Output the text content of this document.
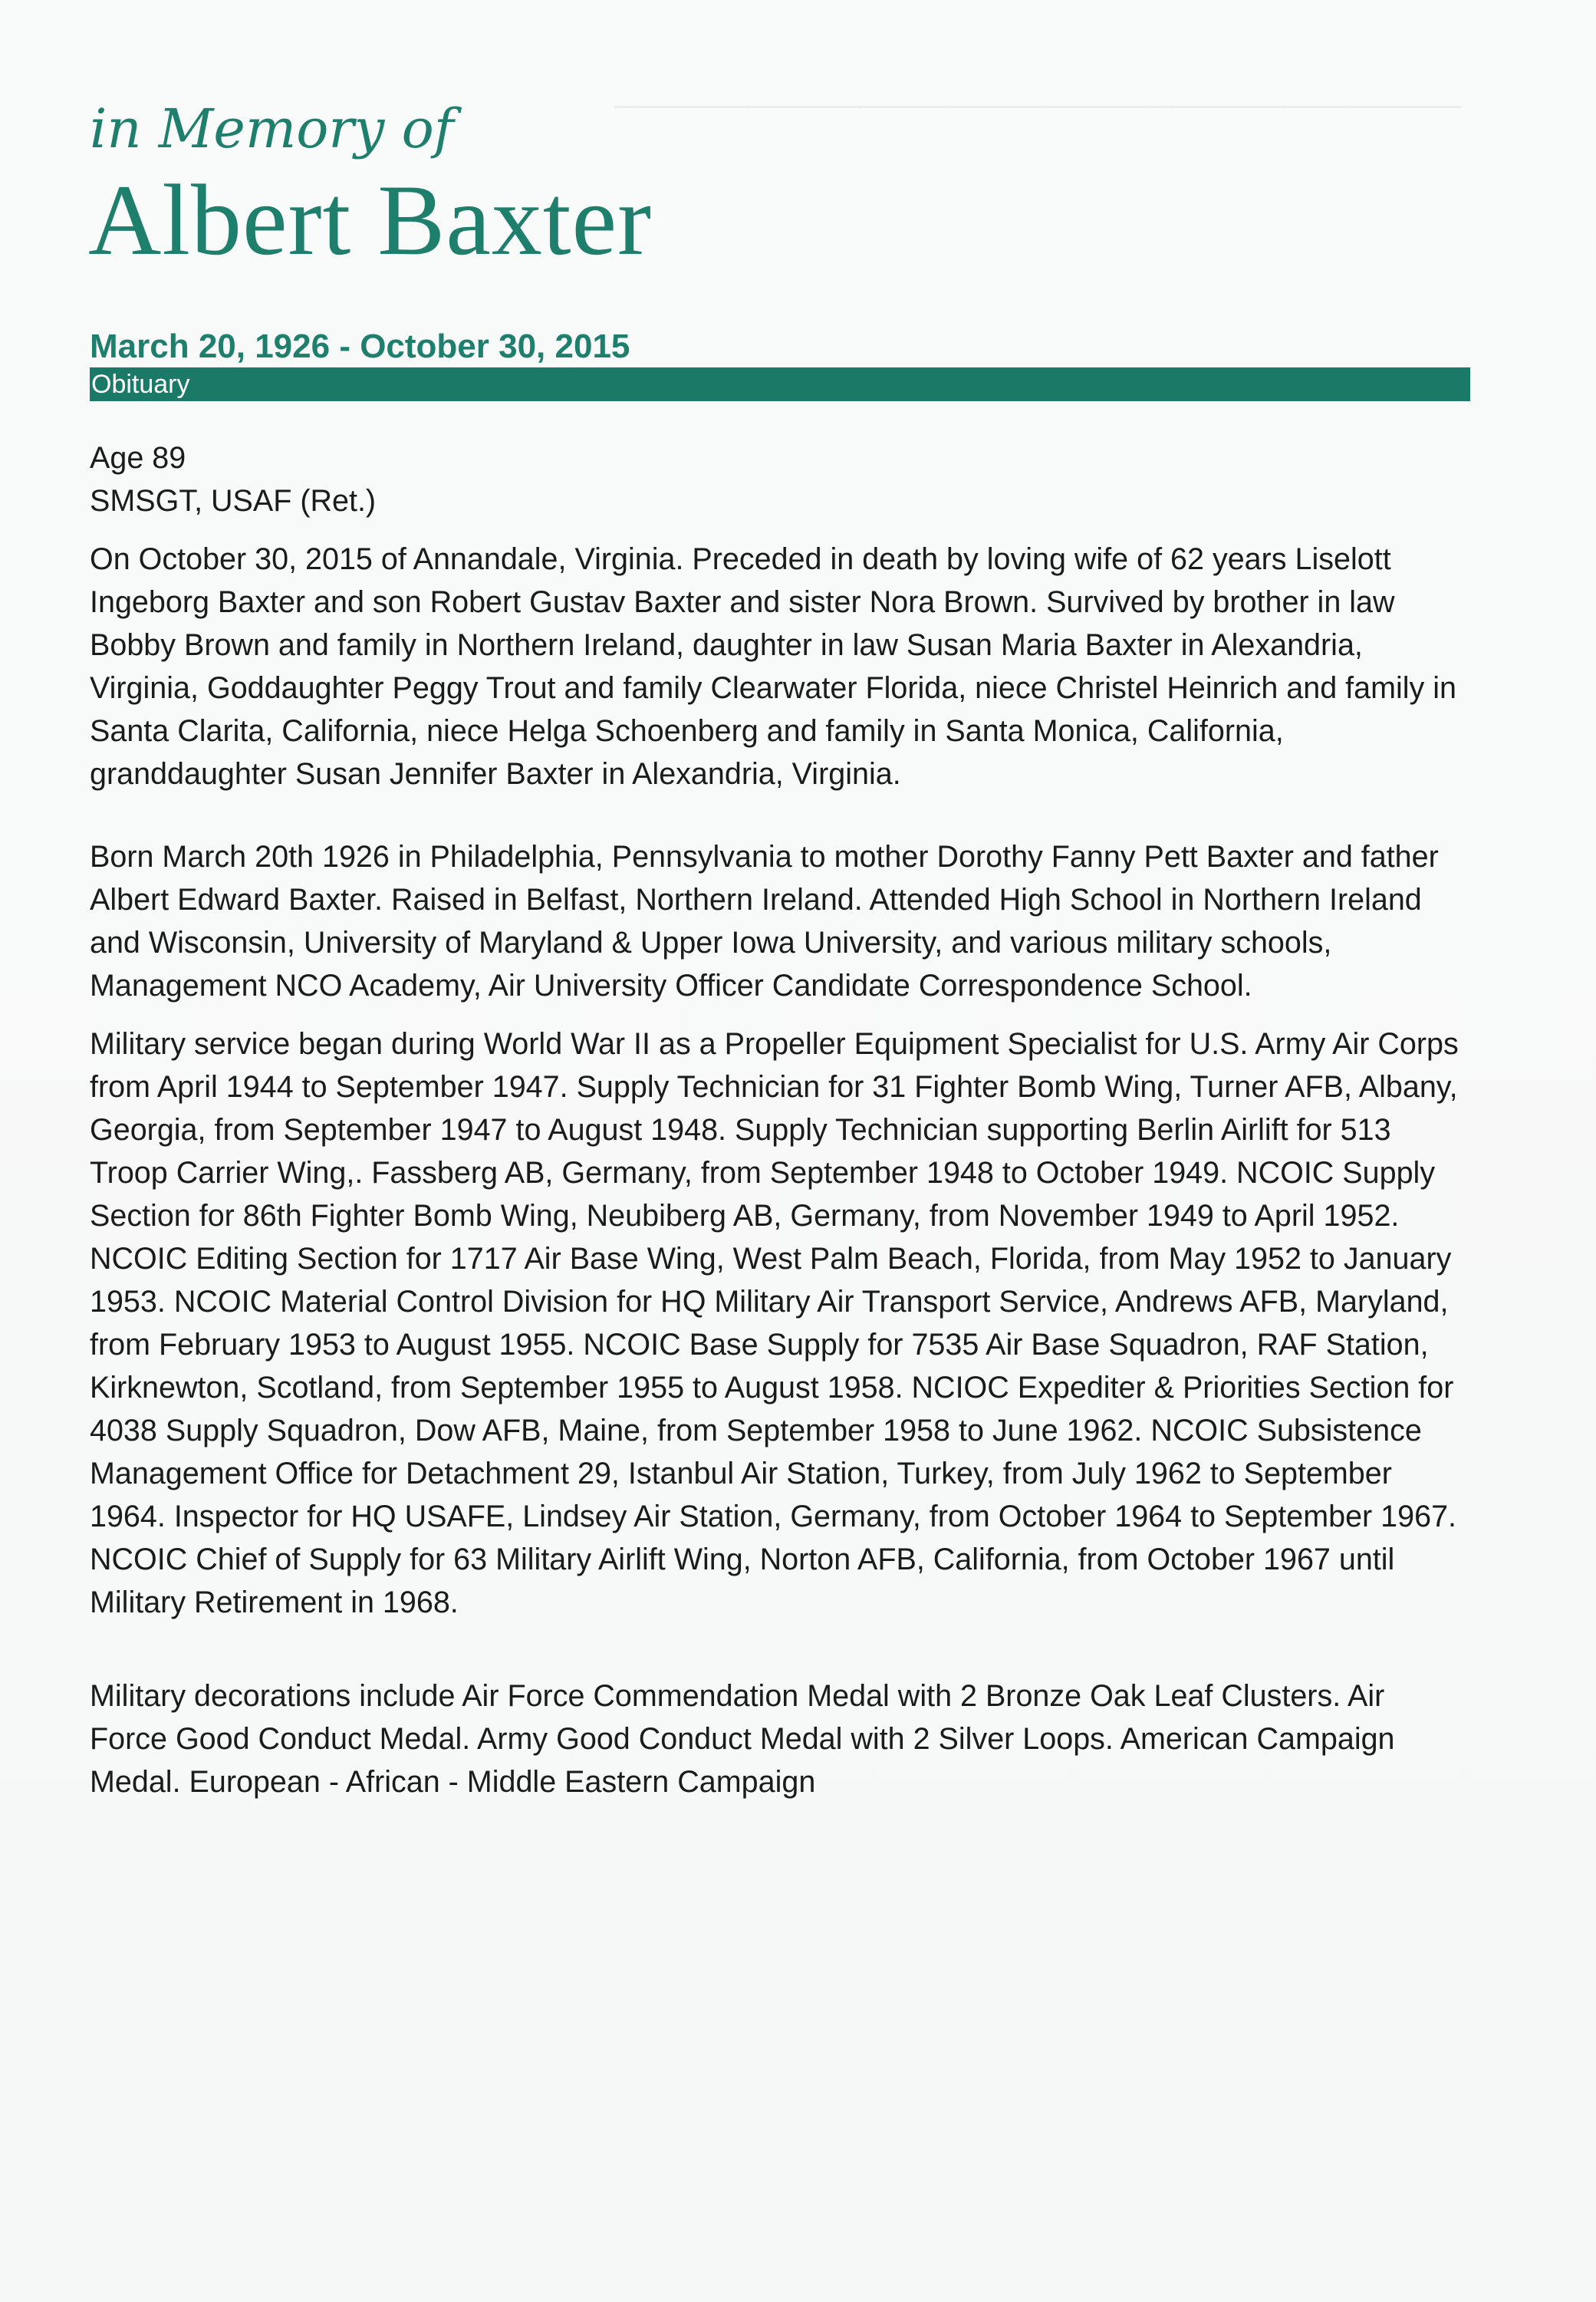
──────────────────────────────────────

in Memory of
Albert Baxter
March 20, 1926 - October 30, 2015
Obituary
Age 89
SMSGT, USAF (Ret.)

On October 30, 2015 of Annandale, Virginia. Preceded in death by loving wife of 62 years Liselott Ingeborg Baxter and son Robert Gustav Baxter and sister Nora Brown. Survived by brother in law Bobby Brown and family in Northern Ireland, daughter in law Susan Maria Baxter in Alexandria, Virginia, Goddaughter Peggy Trout and family Clearwater Florida, niece Christel Heinrich and family in Santa Clarita, California, niece Helga Schoenberg and family in Santa Monica, California, granddaughter Susan Jennifer Baxter in Alexandria, Virginia.

Born March 20th 1926 in Philadelphia, Pennsylvania to mother Dorothy Fanny Pett Baxter and father Albert Edward Baxter. Raised in Belfast, Northern Ireland. Attended High School in Northern Ireland and Wisconsin, University of Maryland & Upper Iowa University, and various military schools, Management NCO Academy, Air University Officer Candidate Correspondence School.

Military service began during World War II as a Propeller Equipment Specialist for U.S. Army Air Corps from April 1944 to September 1947. Supply Technician for 31 Fighter Bomb Wing, Turner AFB, Albany, Georgia, from September 1947 to August 1948. Supply Technician supporting Berlin Airlift for 513 Troop Carrier Wing,. Fassberg AB, Germany, from September 1948 to October 1949. NCOIC Supply Section for 86th Fighter Bomb Wing, Neubiberg AB, Germany, from November 1949 to April 1952. NCOIC Editing Section for 1717 Air Base Wing, West Palm Beach, Florida, from May 1952 to January 1953. NCOIC Material Control Division for HQ Military Air Transport Service, Andrews AFB, Maryland, from February 1953 to August 1955. NCOIC Base Supply for 7535 Air Base Squadron, RAF Station, Kirknewton, Scotland, from September 1955 to August 1958. NCIOC Expediter & Priorities Section for 4038 Supply Squadron, Dow AFB, Maine, from September 1958 to June 1962. NCOIC Subsistence Management Office for Detachment 29, Istanbul Air Station, Turkey, from July 1962 to September 1964. Inspector for HQ USAFE, Lindsey Air Station, Germany, from October 1964 to September 1967. NCOIC Chief of Supply for 63 Military Airlift Wing, Norton AFB, California, from October 1967 until Military Retirement in 1968.

Military decorations include Air Force Commendation Medal with 2 Bronze Oak Leaf Clusters. Air Force Good Conduct Medal. Army Good Conduct Medal with 2 Silver Loops. American Campaign Medal. European - African - Middle Eastern Campaign
